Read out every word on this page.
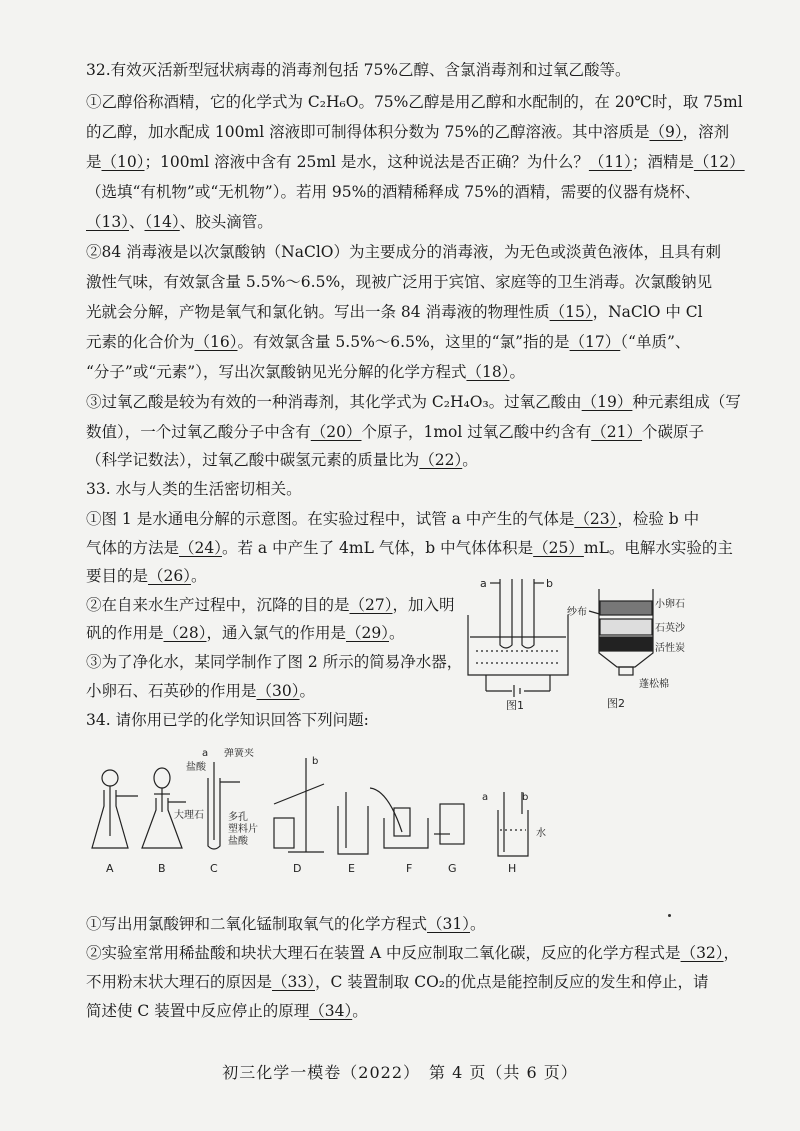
32.有效灭活新型冠状病毒的消毒剂包括 75%乙醇、含氯消毒剂和过氧乙酸等。
①乙醇俗称酒精，它的化学式为 C₂H₆O。75%乙醇是用乙醇和水配制的，在 20℃时，取 75ml
的乙醇，加水配成 100ml 溶液即可制得体积分数为 75%的乙醇溶液。其中溶质是（9），溶剂
是（10）；100ml 溶液中含有 25ml 是水，这种说法是否正确？为什么？（11）；酒精是（12）
（选填“有机物”或“无机物”）。若用 95%的酒精稀释成 75%的酒精，需要的仪器有烧杯、
（13）、（14）、胶头滴管。
②84 消毒液是以次氯酸钠（NaClO）为主要成分的消毒液，为无色或淡黄色液体，且具有刺
激性气味，有效氯含量 5.5%～6.5%，现被广泛用于宾馆、家庭等的卫生消毒。次氯酸钠见
光就会分解，产物是氧气和氯化钠。写出一条 84 消毒液的物理性质（15），NaClO 中 Cl
元素的化合价为（16）。有效氯含量 5.5%～6.5%，这里的“氯”指的是（17）（“单质”、
“分子”或“元素”），写出次氯酸钠见光分解的化学方程式（18）。
③过氧乙酸是较为有效的一种消毒剂，其化学式为 C₂H₄O₃。过氧乙酸由（19）种元素组成（写
数值），一个过氧乙酸分子中含有（20）个原子，1mol 过氧乙酸中约含有（21）个碳原子
（科学记数法），过氧乙酸中碳氢元素的质量比为（22）。
33. 水与人类的生活密切相关。
①图 1 是水通电分解的示意图。在实验过程中，试管 a 中产生的气体是（23），检验 b 中
气体的方法是（24）。若 a 中产生了 4mL 气体，b 中气体体积是（25）mL。电解水实验的主
要目的是（26）。
②在自来水生产过程中，沉降的目的是（27），加入明
矾的作用是（28），通入氯气的作用是（29）。
③为了净化水，某同学制作了图 2 所示的简易净水器，
小卵石、石英砂的作用是（30）。
a	b
图1
纱布
小卵石
石英沙
活性炭
蓬松棉
图2
34. 请你用已学的化学知识回答下列问题:
A	B
a 弹簧夹
盐酸
大理石 多孔
塑料片
盐酸
C
b
D	E	F	G
a	b
水
H
①写出用氯酸钾和二氧化锰制取氧气的化学方程式（31）。
②实验室常用稀盐酸和块状大理石在装置 A 中反应制取二氧化碳，反应的化学方程式是（32），
不用粉末状大理石的原因是（33），C 装置制取 CO₂的优点是能控制反应的发生和停止，请
简述使 C 装置中反应停止的原理（34）。
初三化学一模卷（2022）　第 4 页（共 6 页）
